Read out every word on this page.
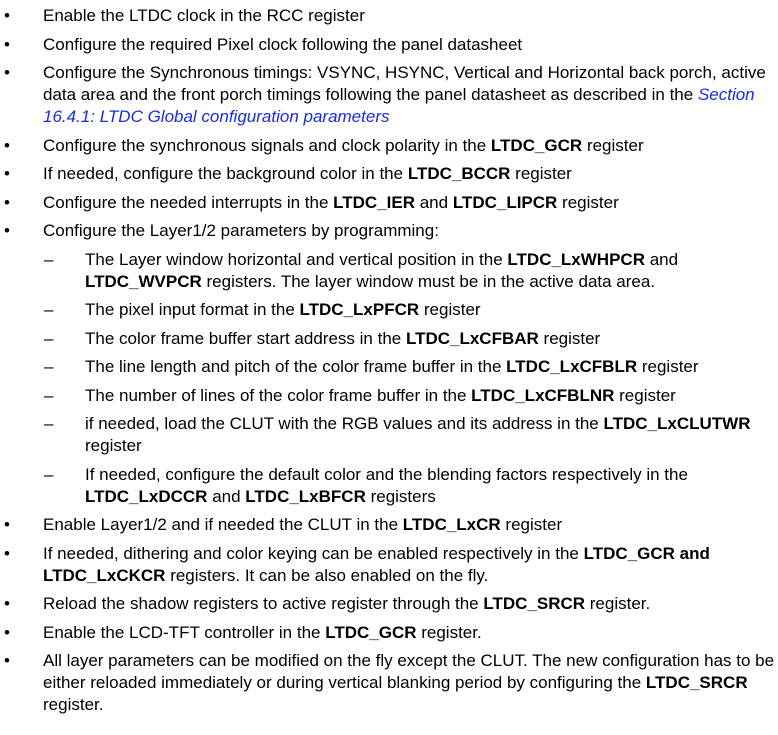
• Enable the LTDC clock in the RCC register
• Configure the required Pixel clock following the panel datasheet
• Configure the Synchronous timings: VSYNC, HSYNC, Vertical and Horizontal back porch, active data area and the front porch timings following the panel datasheet as described in the Section 16.4.1: LTDC Global configuration parameters
• Configure the synchronous signals and clock polarity in the LTDC_GCR register
• If needed, configure the background color in the LTDC_BCCR register
• Configure the needed interrupts in the LTDC_IER and LTDC_LIPCR register
• Configure the Layer1/2 parameters by programming:
– The Layer window horizontal and vertical position in the LTDC_LxWHPCR and LTDC_WVPCR registers. The layer window must be in the active data area.
– The pixel input format in the LTDC_LxPFCR register
– The color frame buffer start address in the LTDC_LxCFBAR register
– The line length and pitch of the color frame buffer in the LTDC_LxCFBLR register
– The number of lines of the color frame buffer in the LTDC_LxCFBLNR register
– if needed, load the CLUT with the RGB values and its address in the LTDC_LxCLUTWR register
– If needed, configure the default color and the blending factors respectively in the LTDC_LxDCCR and LTDC_LxBFCR registers
• Enable Layer1/2 and if needed the CLUT in the LTDC_LxCR register
• If needed, dithering and color keying can be enabled respectively in the LTDC_GCR and LTDC_LxCKCR registers. It can be also enabled on the fly.
• Reload the shadow registers to active register through the LTDC_SRCR register.
• Enable the LCD-TFT controller in the LTDC_GCR register.
• All layer parameters can be modified on the fly except the CLUT. The new configuration has to be either reloaded immediately or during vertical blanking period by configuring the LTDC_SRCR register.
